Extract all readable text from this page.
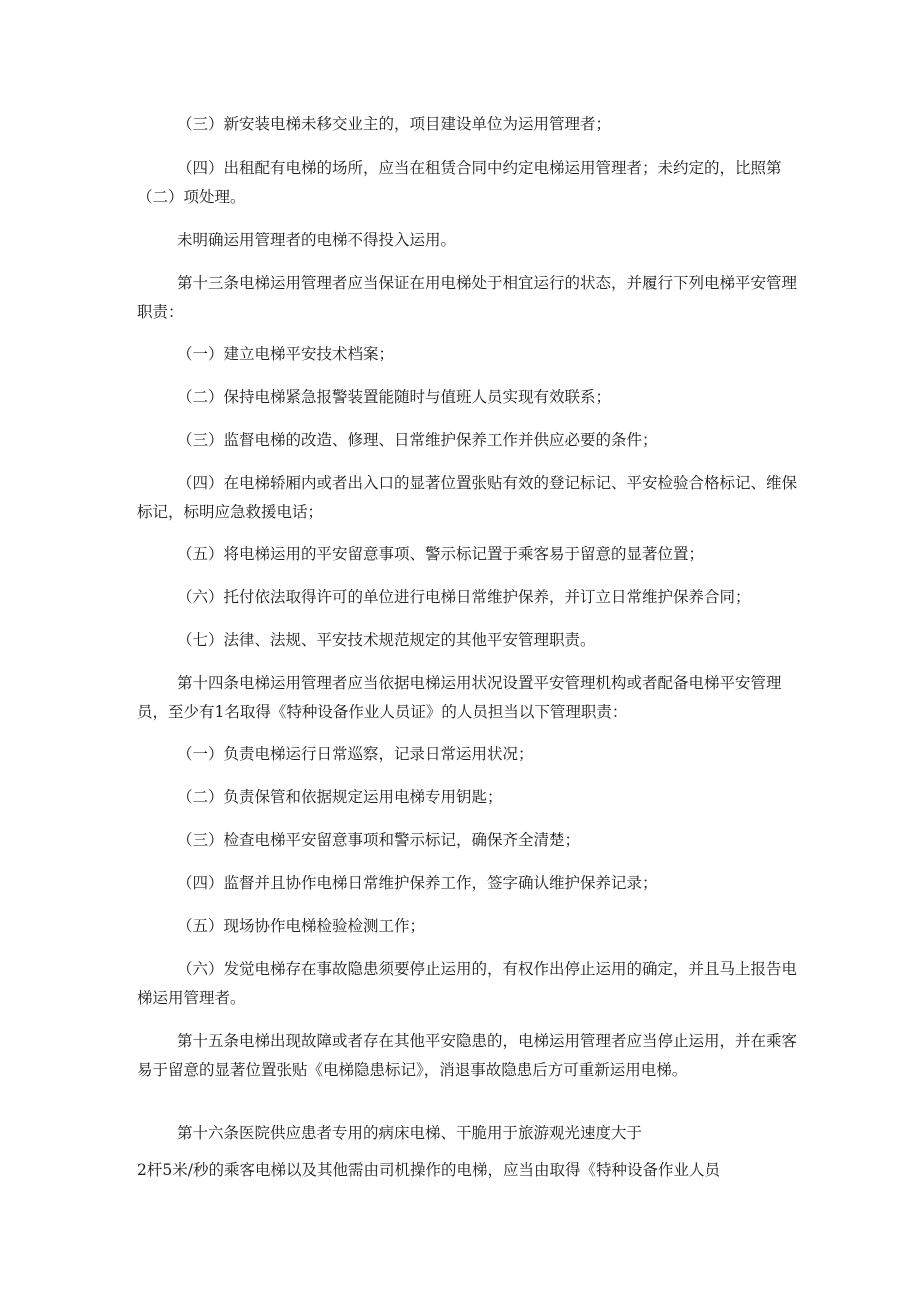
（三）新安装电梯未移交业主的，项目建设单位为运用管理者；

（四）出租配有电梯的场所，应当在租赁合同中约定电梯运用管理者；未约定的，比照第（二）项处理。

未明确运用管理者的电梯不得投入运用。

第十三条电梯运用管理者应当保证在用电梯处于相宜运行的状态，并履行下列电梯平安管理职责：

（一）建立电梯平安技术档案；

（二）保持电梯紧急报警装置能随时与值班人员实现有效联系；

（三）监督电梯的改造、修理、日常维护保养工作并供应必要的条件；

（四）在电梯轿厢内或者出入口的显著位置张贴有效的登记标记、平安检验合格标记、维保标记，标明应急救援电话；

（五）将电梯运用的平安留意事项、警示标记置于乘客易于留意的显著位置；

（六）托付依法取得许可的单位进行电梯日常维护保养，并订立日常维护保养合同；

（七）法律、法规、平安技术规范规定的其他平安管理职责。

第十四条电梯运用管理者应当依据电梯运用状况设置平安管理机构或者配备电梯平安管理员，至少有1名取得《特种设备作业人员证》的人员担当以下管理职责：

（一）负责电梯运行日常巡察，记录日常运用状况；

（二）负责保管和依据规定运用电梯专用钥匙；

（三）检查电梯平安留意事项和警示标记，确保齐全清楚；

（四）监督并且协作电梯日常维护保养工作，签字确认维护保养记录；

（五）现场协作电梯检验检测工作；

（六）发觉电梯存在事故隐患须要停止运用的，有权作出停止运用的确定，并且马上报告电梯运用管理者。

第十五条电梯出现故障或者存在其他平安隐患的，电梯运用管理者应当停止运用，并在乘客易于留意的显著位置张贴《电梯隐患标记》，消退事故隐患后方可重新运用电梯。

第十六条医院供应患者专用的病床电梯、干脆用于旅游观光速度大于

2杆5米/秒的乘客电梯以及其他需由司机操作的电梯，应当由取得《特种设备作业人员
